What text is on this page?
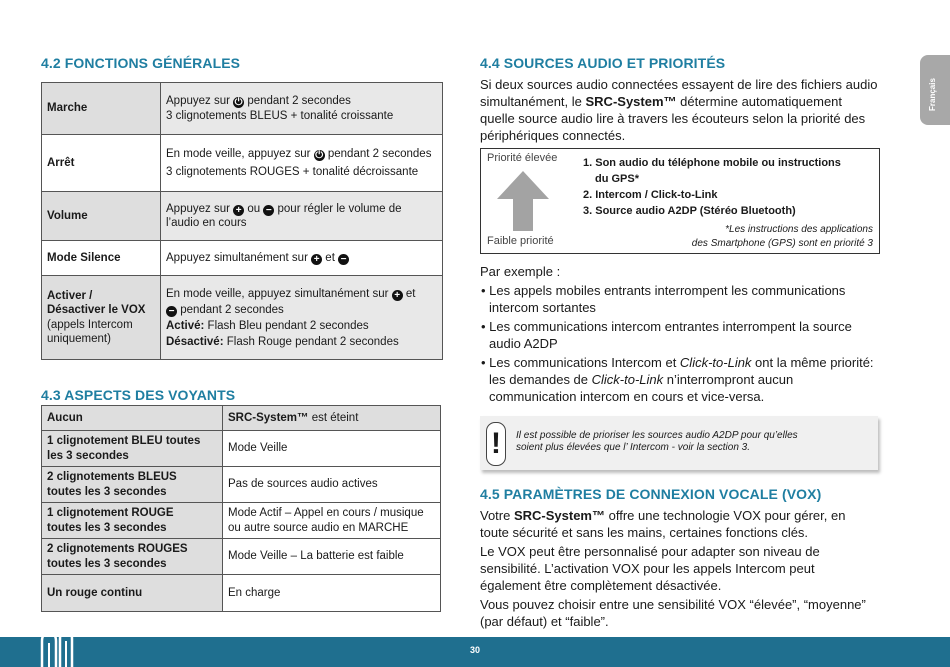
4.2 FONCTIONS GÉNÉRALES
Marche	Appuyez sur ⏻ pendant 2 secondes
3 clignotements BLEUS + tonalité croissante
Arrêt	En mode veille, appuyez sur ⏻ pendant 2 secondes
3 clignotements ROUGES + tonalité décroissante
Volume	Appuyez sur + ou − pour régler le volume de
l’audio en cours
Mode Silence	Appuyez simultanément sur + et −
Activer /
Désactiver le VOX
(appels Intercom
uniquement)	En mode veille, appuyez simultanément sur + et
− pendant 2 secondes
Activé: Flash Bleu pendant 2 secondes
Désactivé: Flash Rouge pendant 2 secondes
4.3 ASPECTS DES VOYANTS
Aucun	SRC-System™ est éteint
1 clignotement BLEU toutes
les 3 secondes	Mode Veille
2 clignotements BLEUS
toutes les 3 secondes	Pas de sources audio actives
1 clignotement ROUGE
toutes les 3 secondes	Mode Actif – Appel en cours / musique
ou autre source audio en MARCHE
2 clignotements ROUGES
toutes les 3 secondes	Mode Veille – La batterie est faible
Un rouge continu	En charge
4.4 SOURCES AUDIO ET PRIORITÉS
Si deux sources audio connectées essayent de lire des fichiers audio
simultanément, le SRC-System™ détermine automatiquement
quelle source audio lire à travers les écouteurs selon la priorité des
périphériques connectés.
Priorité élevée
Faible priorité
1. Son audio du téléphone mobile ou instructions
du GPS*
2. Intercom / Click-to-Link
3. Source audio A2DP (Stéréo Bluetooth)
*Les instructions des applications
des Smartphone (GPS) sont en priorité 3
Par exemple :
• Les appels mobiles entrants interrompent les communications intercom sortantes
• Les communications intercom entrantes interrompent la source audio A2DP
• Les communications Intercom et Click-to-Link ont la même priorité: les demandes de Click-to-Link n’interrompront aucun communication intercom en cours et vice-versa.
!	Il est possible de prioriser les sources audio A2DP pour qu’elles
soient plus élevées que l’ Intercom - voir la section 3.
4.5 PARAMÈTRES DE CONNEXION VOCALE (VOX)
Votre SRC-System™ offre une technologie VOX pour gérer, en
toute sécurité et sans les mains, certaines fonctions clés.

Le VOX peut être personnalisé pour adapter son niveau de
sensibilité. L’activation VOX pour les appels Intercom peut
également être complètement désactivée.

Vous pouvez choisir entre une sensibilité VOX “élevée”, “moyenne”
(par défaut) et “faible”.
Français
30
